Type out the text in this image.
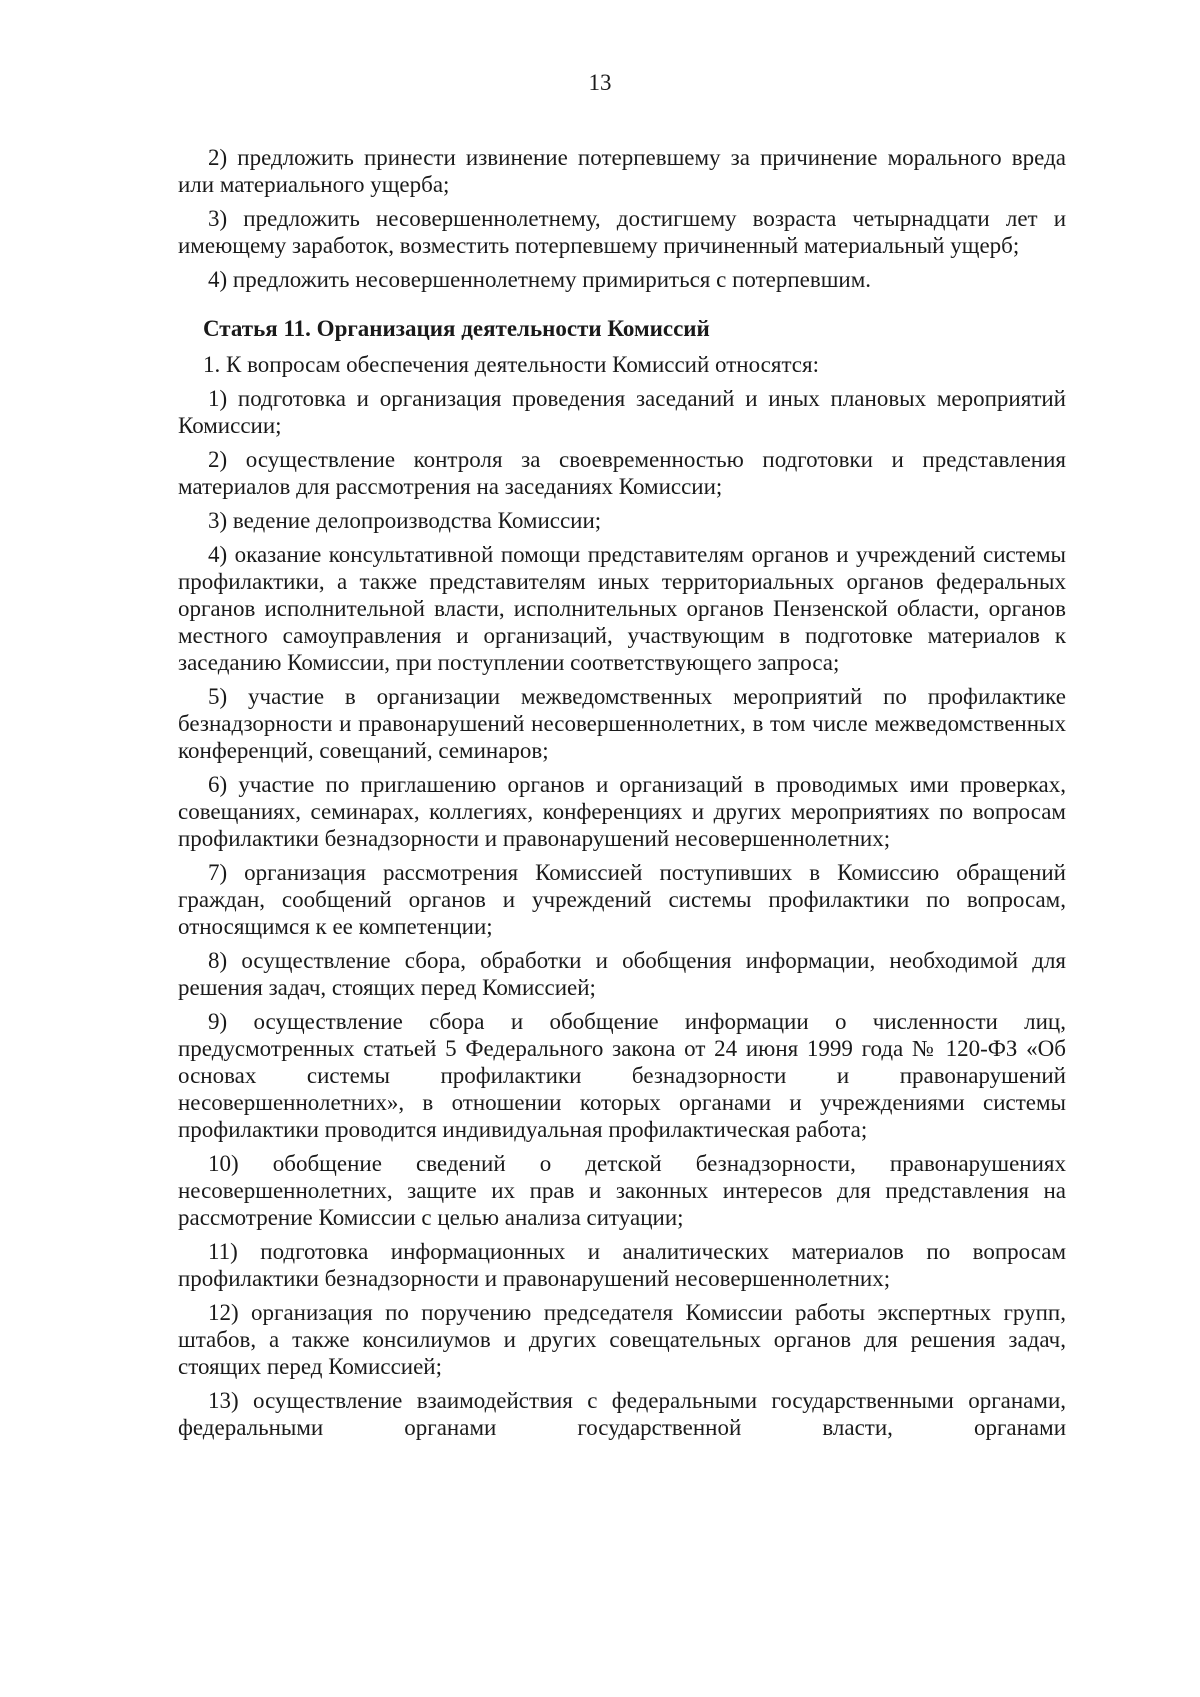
13

2) предложить принести извинение потерпевшему за причинение морального вреда или материального ущерба;

3) предложить несовершеннолетнему, достигшему возраста четырнадцати лет и имеющему заработок, возместить потерпевшему причиненный материальный ущерб;

4) предложить несовершеннолетнему примириться с потерпевшим.

Статья 11. Организация деятельности Комиссий

1. К вопросам обеспечения деятельности Комиссий относятся:

1) подготовка и организация проведения заседаний и иных плановых мероприятий Комиссии;

2) осуществление контроля за своевременностью подготовки и представления материалов для рассмотрения на заседаниях Комиссии;

3) ведение делопроизводства Комиссии;

4) оказание консультативной помощи представителям органов и учреждений системы профилактики, а также представителям иных территориальных органов федеральных органов исполнительной власти, исполнительных органов Пензенской области, органов местного самоуправления и организаций, участвующим в подготовке материалов к заседанию Комиссии, при поступлении соответствующего запроса;

5) участие в организации межведомственных мероприятий по профилактике безнадзорности и правонарушений несовершеннолетних, в том числе межведомственных конференций, совещаний, семинаров;

6) участие по приглашению органов и организаций в проводимых ими проверках, совещаниях, семинарах, коллегиях, конференциях и других мероприятиях по вопросам профилактики безнадзорности и правонарушений несовершеннолетних;

7) организация рассмотрения Комиссией поступивших в Комиссию обращений граждан, сообщений органов и учреждений системы профилактики по вопросам, относящимся к ее компетенции;

8) осуществление сбора, обработки и обобщения информации, необходимой для решения задач, стоящих перед Комиссией;

9) осуществление сбора и обобщение информации о численности лиц, предусмотренных статьей 5 Федерального закона от 24 июня 1999 года № 120-ФЗ «Об основах системы профилактики безнадзорности и правонарушений несовершеннолетних», в отношении которых органами и учреждениями системы профилактики проводится индивидуальная профилактическая работа;

10) обобщение сведений о детской безнадзорности, правонарушениях несовершеннолетних, защите их прав и законных интересов для представления на рассмотрение Комиссии с целью анализа ситуации;

11) подготовка информационных и аналитических материалов по вопросам профилактики безнадзорности и правонарушений несовершеннолетних;

12) организация по поручению председателя Комиссии работы экспертных групп, штабов, а также консилиумов и других совещательных органов для решения задач, стоящих перед Комиссией;

13) осуществление взаимодействия с федеральными государственными органами, федеральными органами государственной власти, органами
